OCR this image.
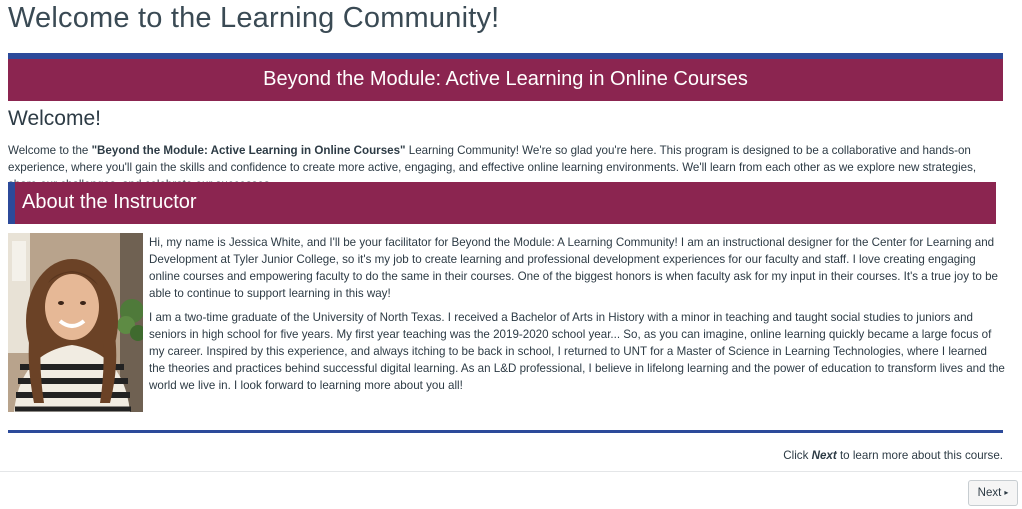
Welcome to the Learning Community!
Beyond the Module: Active Learning in Online Courses
Welcome!

Welcome to the "Beyond the Module: Active Learning in Online Courses" Learning Community! We're so glad you're here. This program is designed to be a collaborative and hands-on experience, where you'll gain the skills and confidence to create more active, engaging, and effective online learning environments. We'll learn from each other as we explore new strategies,

About the Instructor

Hi, my name is Jessica White, and I'll be your facilitator for Beyond the Module: A Learning Community! I am an instructional designer for the Center for Learning and Development at Tyler Junior College, so it's my job to create learning and professional development experiences for our faculty and staff. I love creating engaging online courses and empowering faculty to do the same in their courses. One of the biggest honors is when faculty ask for my input in their courses. It's a true joy to be able to continue to support learning in this way!

I am a two-time graduate of the University of North Texas. I received a Bachelor of Arts in History with a minor in teaching and taught social studies to juniors and seniors in high school for five years. My first year teaching was the 2019-2020 school year... So, as you can imagine, online learning quickly became a large focus of my career. Inspired by this experience, and always itching to be back in school, I returned to UNT for a Master of Science in Learning Technologies, where I learned the theories and practices behind successful digital learning. As an L&D professional, I believe in lifelong learning and the power of education to transform lives and the world we live in. I look forward to learning more about you all!

Click Next to learn more about this course.

Next ▸
